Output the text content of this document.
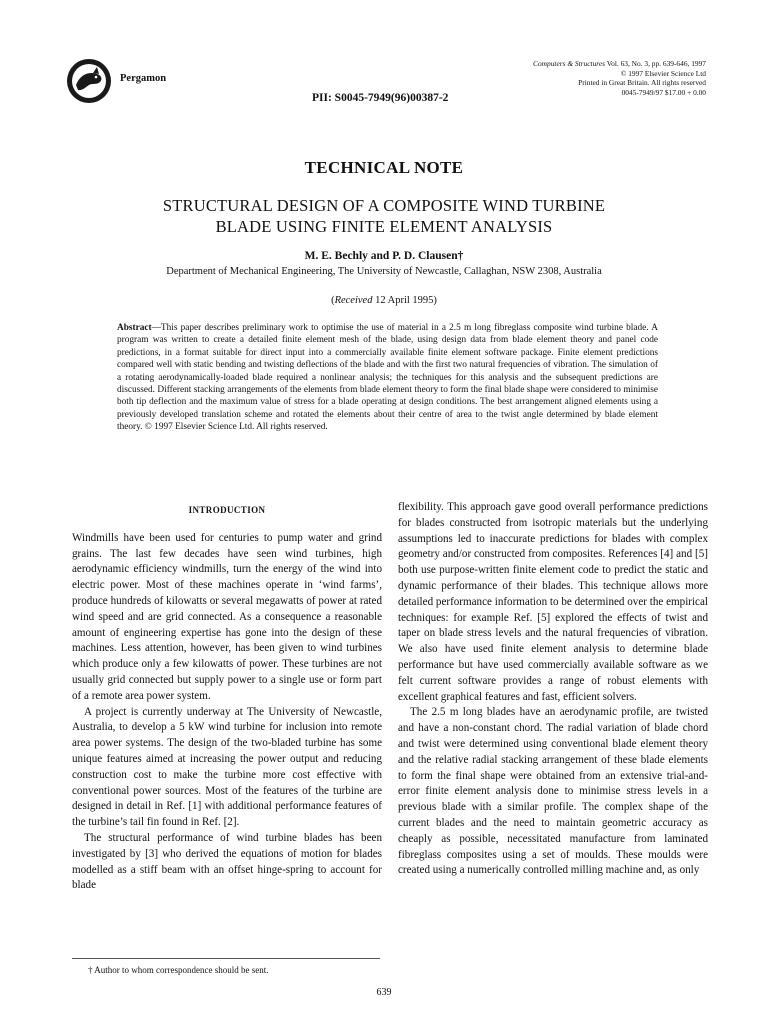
Pergamon
PII: S0045-7949(96)00387-2
Computers & Structures Vol. 63, No. 3, pp. 639-646, 1997
© 1997 Elsevier Science Ltd
Printed in Great Britain. All rights reserved
0045-7949/97 $17.00 + 0.00
TECHNICAL NOTE
STRUCTURAL DESIGN OF A COMPOSITE WIND TURBINE
BLADE USING FINITE ELEMENT ANALYSIS
M. E. Bechly and P. D. Clausen†
Department of Mechanical Engineering, The University of Newcastle, Callaghan, NSW 2308, Australia
(Received 12 April 1995)
Abstract—This paper describes preliminary work to optimise the use of material in a 2.5 m long fibreglass composite wind turbine blade. A program was written to create a detailed finite element mesh of the blade, using design data from blade element theory and panel code predictions, in a format suitable for direct input into a commercially available finite element software package. Finite element predictions compared well with static bending and twisting deflections of the blade and with the first two natural frequencies of vibration. The simulation of a rotating aerodynamically-loaded blade required a nonlinear analysis; the techniques for this analysis and the subsequent predictions are discussed. Different stacking arrangements of the elements from blade element theory to form the final blade shape were considered to minimise both tip deflection and the maximum value of stress for a blade operating at design conditions. The best arrangement aligned elements using a previously developed translation scheme and rotated the elements about their centre of area to the twist angle determined by blade element theory. © 1997 Elsevier Science Ltd. All rights reserved.
INTRODUCTION

Windmills have been used for centuries to pump water and grind grains. The last few decades have seen wind turbines, high aerodynamic efficiency windmills, turn the energy of the wind into electric power. Most of these machines operate in ‘wind farms’, produce hundreds of kilowatts or several megawatts of power at rated wind speed and are grid connected. As a consequence a reasonable amount of engineering expertise has gone into the design of these machines. Less attention, however, has been given to wind turbines which produce only a few kilowatts of power. These turbines are not usually grid connected but supply power to a single use or form part of a remote area power system.

A project is currently underway at The University of Newcastle, Australia, to develop a 5 kW wind turbine for inclusion into remote area power systems. The design of the two-bladed turbine has some unique features aimed at increasing the power output and reducing construction cost to make the turbine more cost effective with conventional power sources. Most of the features of the turbine are designed in detail in Ref. [1] with additional performance features of the turbine’s tail fin found in Ref. [2].

The structural performance of wind turbine blades has been investigated by [3] who derived the equations of motion for blades modelled as a stiff beam with an offset hinge-spring to account for blade

flexibility. This approach gave good overall performance predictions for blades constructed from isotropic materials but the underlying assumptions led to inaccurate predictions for blades with complex geometry and/or constructed from composites. References [4] and [5] both use purpose-written finite element code to predict the static and dynamic performance of their blades. This technique allows more detailed performance information to be determined over the empirical techniques: for example Ref. [5] explored the effects of twist and taper on blade stress levels and the natural frequencies of vibration. We also have used finite element analysis to determine blade performance but have used commercially available software as we felt current software provides a range of robust elements with excellent graphical features and fast, efficient solvers.

The 2.5 m long blades have an aerodynamic profile, are twisted and have a non-constant chord. The radial variation of blade chord and twist were determined using conventional blade element theory and the relative radial stacking arrangement of these blade elements to form the final shape were obtained from an extensive trial-and-error finite element analysis done to minimise stress levels in a previous blade with a similar profile. The complex shape of the current blades and the need to maintain geometric accuracy as cheaply as possible, necessitated manufacture from laminated fibreglass composites using a set of moulds. These moulds were created using a numerically controlled milling machine and, as only

† Author to whom correspondence should be sent.
639
